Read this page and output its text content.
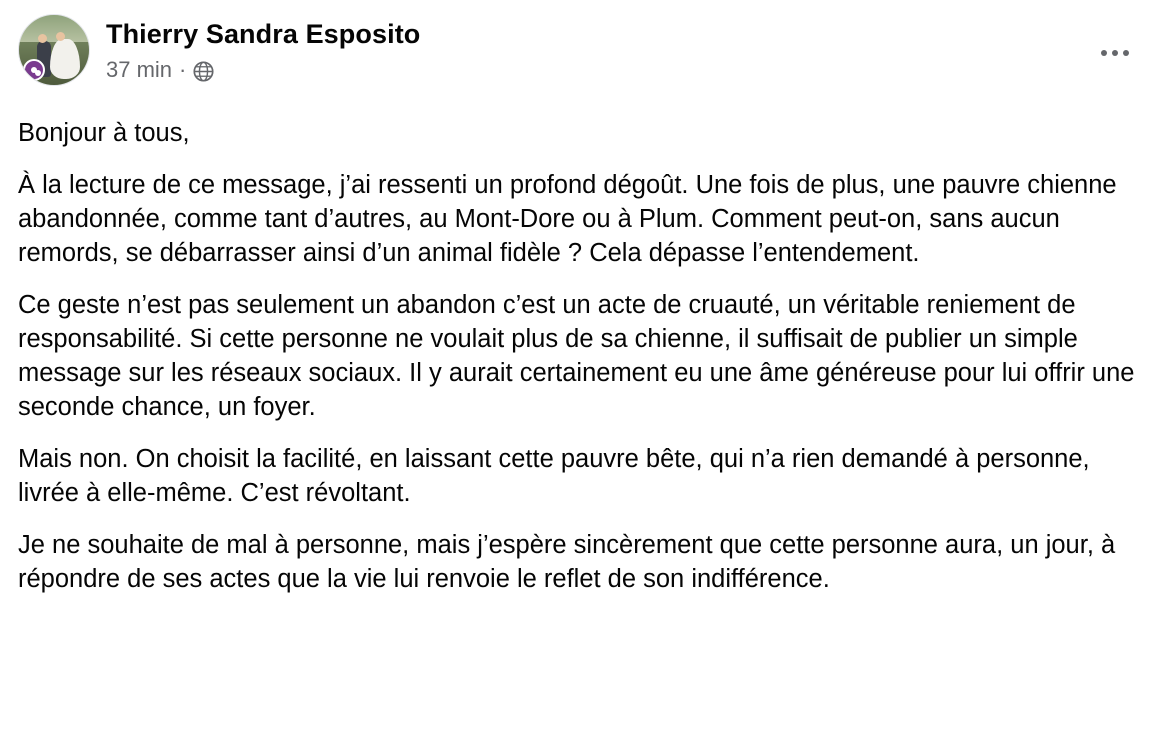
Thierry Sandra Esposito
37 min ·

Bonjour à tous,

À la lecture de ce message, j’ai ressenti un profond dégoût. Une fois de plus, une pauvre chienne abandonnée, comme tant d’autres, au Mont-Dore ou à Plum. Comment peut-on, sans aucun remords, se débarrasser ainsi d’un animal fidèle ? Cela dépasse l’entendement.

Ce geste n’est pas seulement un abandon c’est un acte de cruauté, un véritable reniement de responsabilité. Si cette personne ne voulait plus de sa chienne, il suffisait de publier un simple message sur les réseaux sociaux. Il y aurait certainement eu une âme généreuse pour lui offrir une seconde chance, un foyer.

Mais non. On choisit la facilité, en laissant cette pauvre bête, qui n’a rien demandé à personne, livrée à elle-même. C’est révoltant.

Je ne souhaite de mal à personne, mais j’espère sincèrement que cette personne aura, un jour, à répondre de ses actes que la vie lui renvoie le reflet de son indifférence.
